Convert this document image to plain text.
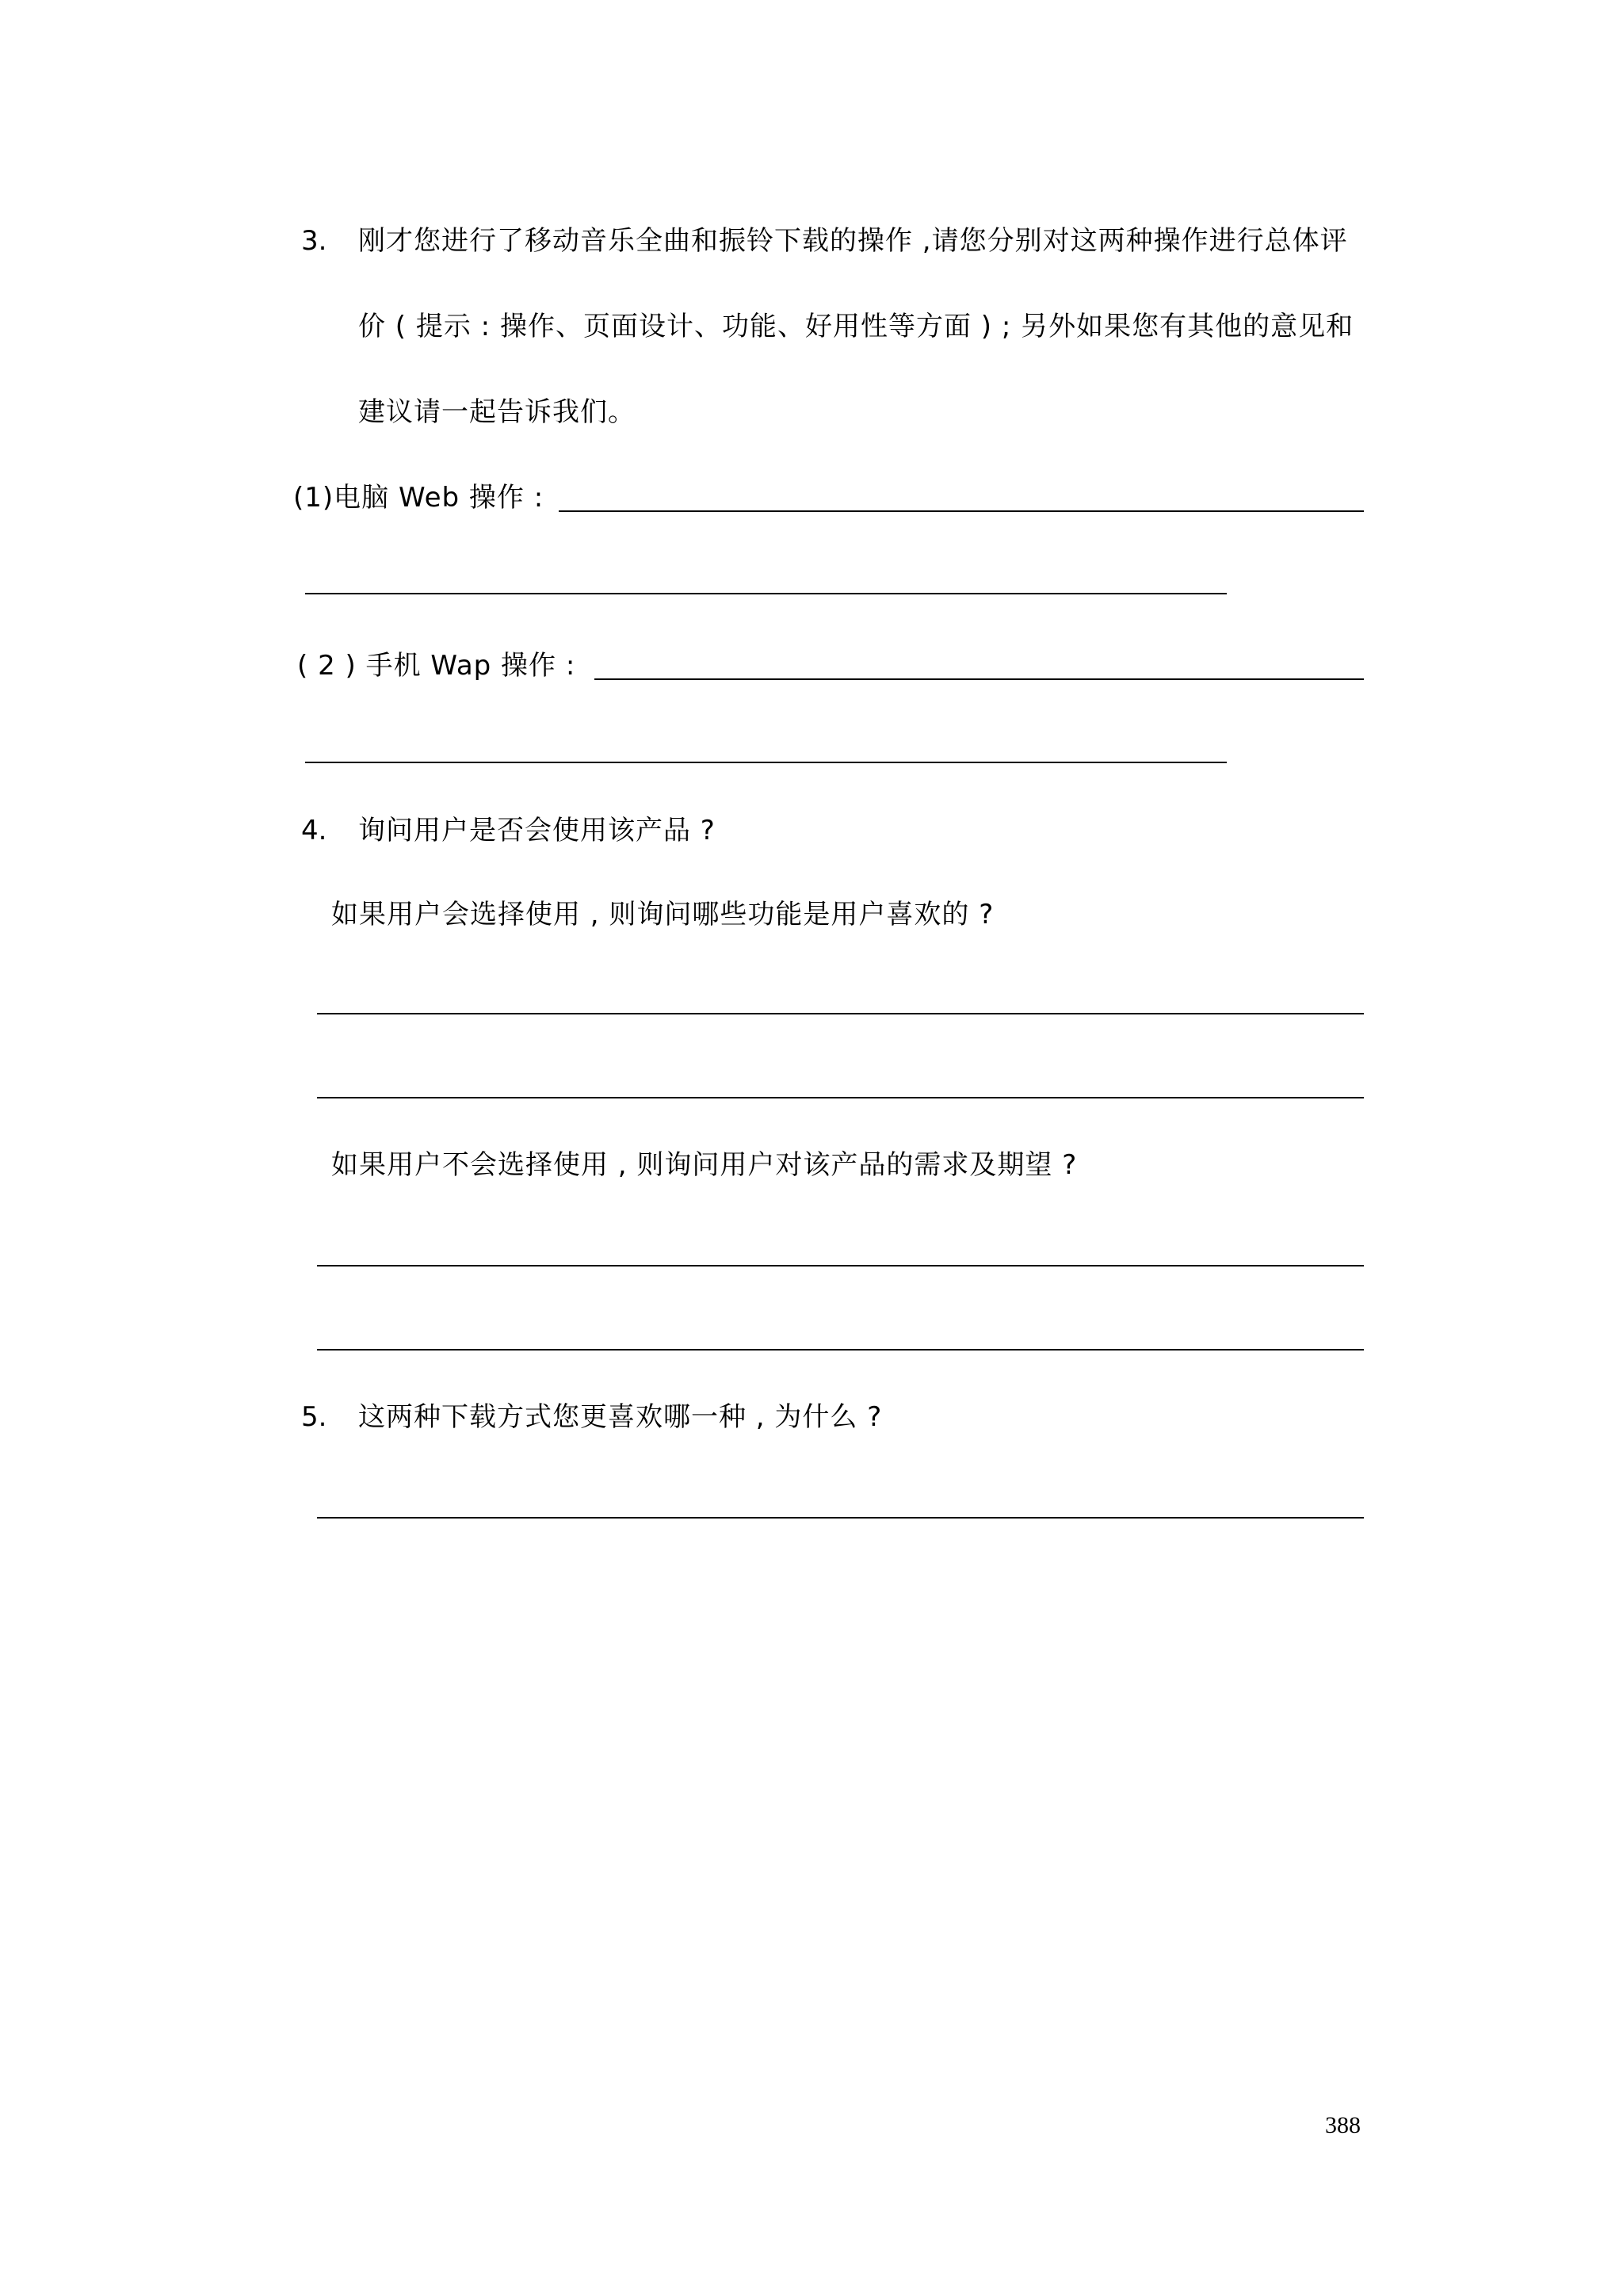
3. 刚才您进行了移动音乐全曲和振铃下载的操作 ,请您分别对这两种操作进行总体评
价 ( 提示 : 操作、页面设计、功能、好用性等方面 ) ; 另外如果您有其他的意见和
建议请一起告诉我们。
(1)电脑 Web 操作 :
( 2 ) 手机 Wap 操作 :
4. 询问用户是否会使用该产品 ?
如果用户会选择使用 , 则询问哪些功能是用户喜欢的 ?
如果用户不会选择使用 , 则询问用户对该产品的需求及期望 ?
5. 这两种下载方式您更喜欢哪一种 , 为什么 ?
388
